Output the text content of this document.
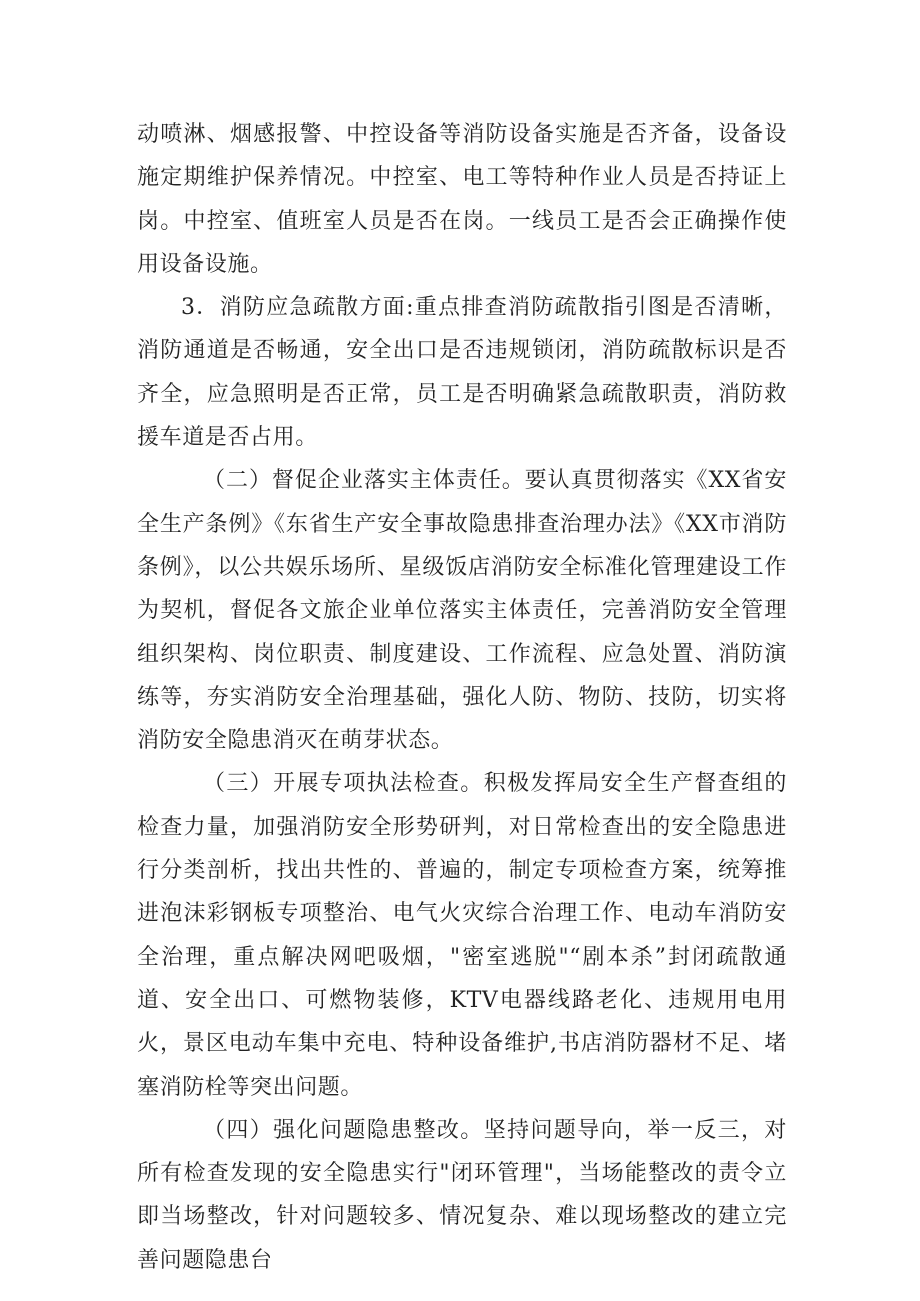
动喷淋、烟感报警、中控设备等消防设备实施是否齐备，设备设施定期维护保养情况。中控室、电工等特种作业人员是否持证上岗。中控室、值班室人员是否在岗。一线员工是否会正确操作使用设备设施。

3．消防应急疏散方面:重点排查消防疏散指引图是否清晰，消防通道是否畅通，安全出口是否违规锁闭，消防疏散标识是否齐全，应急照明是否正常，员工是否明确紧急疏散职责，消防救援车道是否占用。

（二）督促企业落实主体责任。要认真贯彻落实《XX省安全生产条例》《东省生产安全事故隐患排查治理办法》《XX市消防条例》，以公共娱乐场所、星级饭店消防安全标准化管理建设工作为契机，督促各文旅企业单位落实主体责任，完善消防安全管理组织架构、岗位职责、制度建设、工作流程、应急处置、消防演练等，夯实消防安全治理基础，强化人防、物防、技防，切实将消防安全隐患消灭在萌芽状态。

（三）开展专项执法检查。积极发挥局安全生产督查组的检查力量，加强消防安全形势研判，对日常检查出的安全隐患进行分类剖析，找出共性的、普遍的，制定专项检查方案，统筹推进泡沫彩钢板专项整治、电气火灾综合治理工作、电动车消防安全治理，重点解决网吧吸烟，"密室逃脱"“剧本杀”封闭疏散通道、安全出口、可燃物装修，KTV电器线路老化、违规用电用火，景区电动车集中充电、特种设备维护,书店消防器材不足、堵塞消防栓等突出问题。

（四）强化问题隐患整改。坚持问题导向，举一反三，对所有检查发现的安全隐患实行"闭环管理"，当场能整改的责令立即当场整改，针对问题较多、情况复杂、难以现场整改的建立完善问题隐患台
